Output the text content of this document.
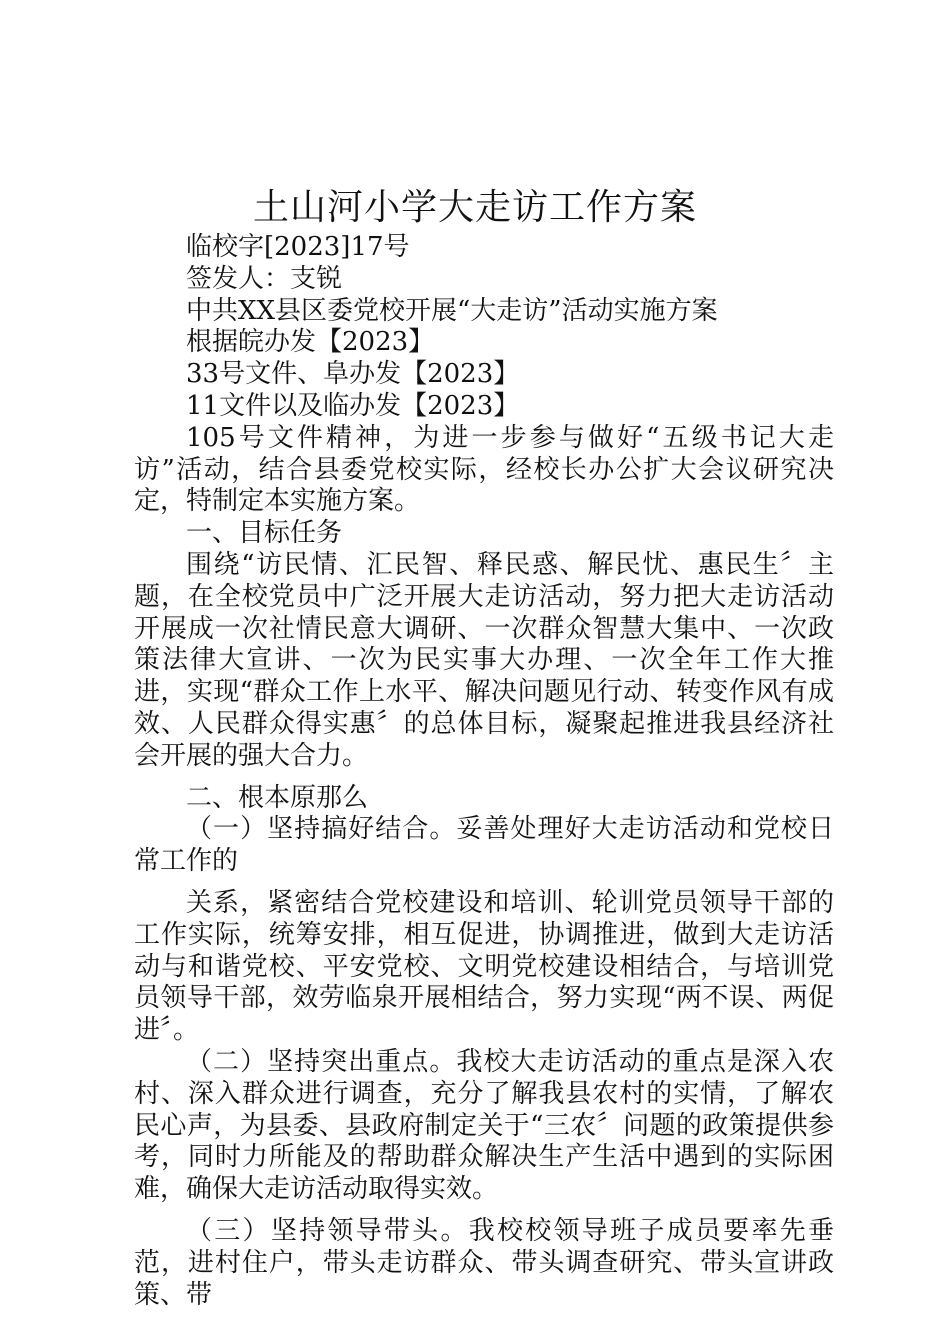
土山河小学大走访工作方案

临校字[2023]17号

签发人：支锐

中共XX县区委党校开展“大走访”活动实施方案

根据皖办发【2023】

33号文件、阜办发【2023】

11文件以及临办发【2023】

105号文件精神，为进一步参与做好“五级书记大走访”活动，结合县委党校实际，经校长办公扩大会议研究决定，特制定本实施方案。

一、目标任务

围绕“访民情、汇民智、释民惑、解民忧、惠民生〞主题，在全校党员中广泛开展大走访活动，努力把大走访活动开展成一次社情民意大调研、一次群众智慧大集中、一次政策法律大宣讲、一次为民实事大办理、一次全年工作大推进，实现“群众工作上水平、解决问题见行动、转变作风有成效、人民群众得实惠〞的总体目标，凝聚起推进我县经济社会开展的强大合力。

二、根本原那么

（一）坚持搞好结合。妥善处理好大走访活动和党校日常工作的

关系，紧密结合党校建设和培训、轮训党员领导干部的工作实际，统筹安排，相互促进，协调推进，做到大走访活动与和谐党校、平安党校、文明党校建设相结合，与培训党员领导干部，效劳临泉开展相结合，努力实现“两不误、两促进〞。

（二）坚持突出重点。我校大走访活动的重点是深入农村、深入群众进行调查，充分了解我县农村的实情，了解农民心声，为县委、县政府制定关于“三农〞问题的政策提供参考，同时力所能及的帮助群众解决生产生活中遇到的实际困难，确保大走访活动取得实效。

（三）坚持领导带头。我校校领导班子成员要率先垂范，进村住户，带头走访群众、带头调查研究、带头宣讲政策、带
